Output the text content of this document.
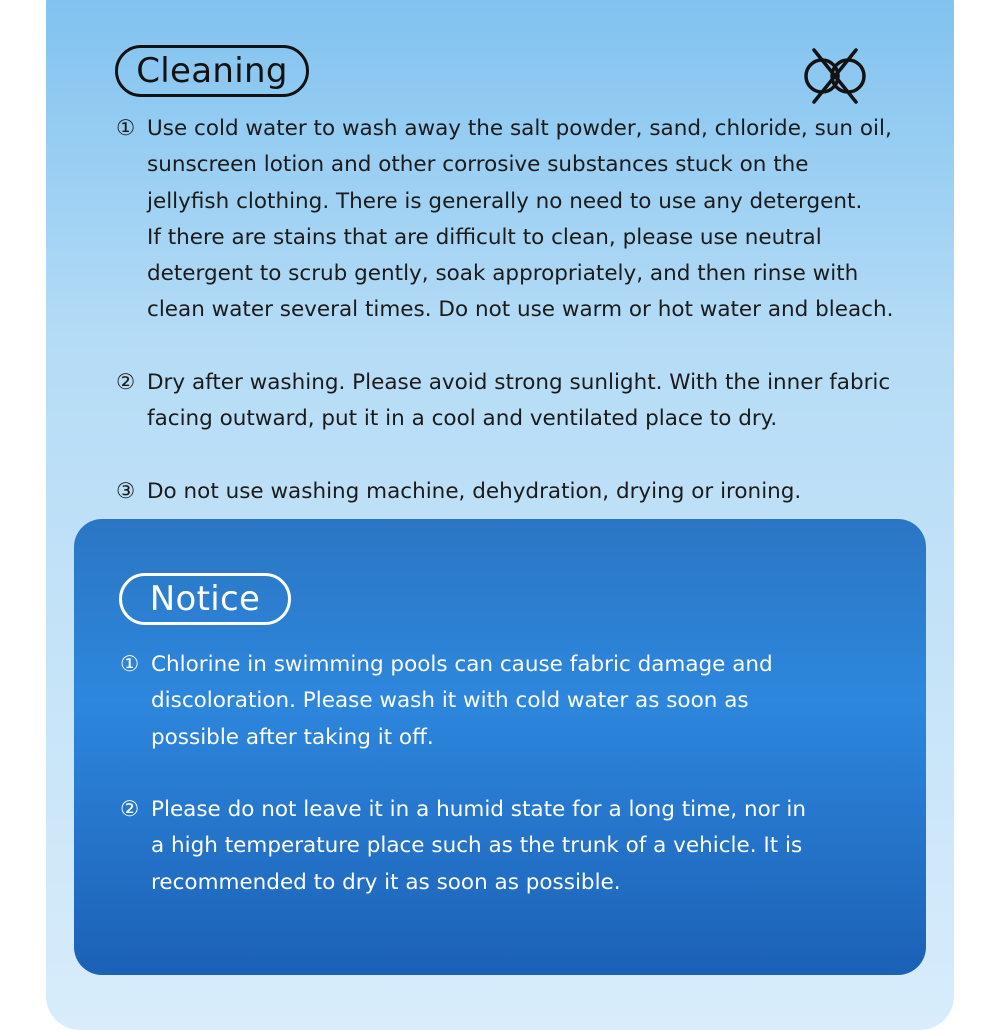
Cleaning
① Use cold water to wash away the salt powder, sand, chloride, sun oil,
sunscreen lotion and other corrosive substances stuck on the
jellyfish clothing. There is generally no need to use any detergent.
If there are stains that are difficult to clean, please use neutral
detergent to scrub gently, soak appropriately, and then rinse with
clean water several times. Do not use warm or hot water and bleach.
② Dry after washing. Please avoid strong sunlight. With the inner fabric
facing outward, put it in a cool and ventilated place to dry.
③ Do not use washing machine, dehydration, drying or ironing.
Notice
① Chlorine in swimming pools can cause fabric damage and
discoloration. Please wash it with cold water as soon as
possible after taking it off.
② Please do not leave it in a humid state for a long time, nor in
a high temperature place such as the trunk of a vehicle. It is
recommended to dry it as soon as possible.
